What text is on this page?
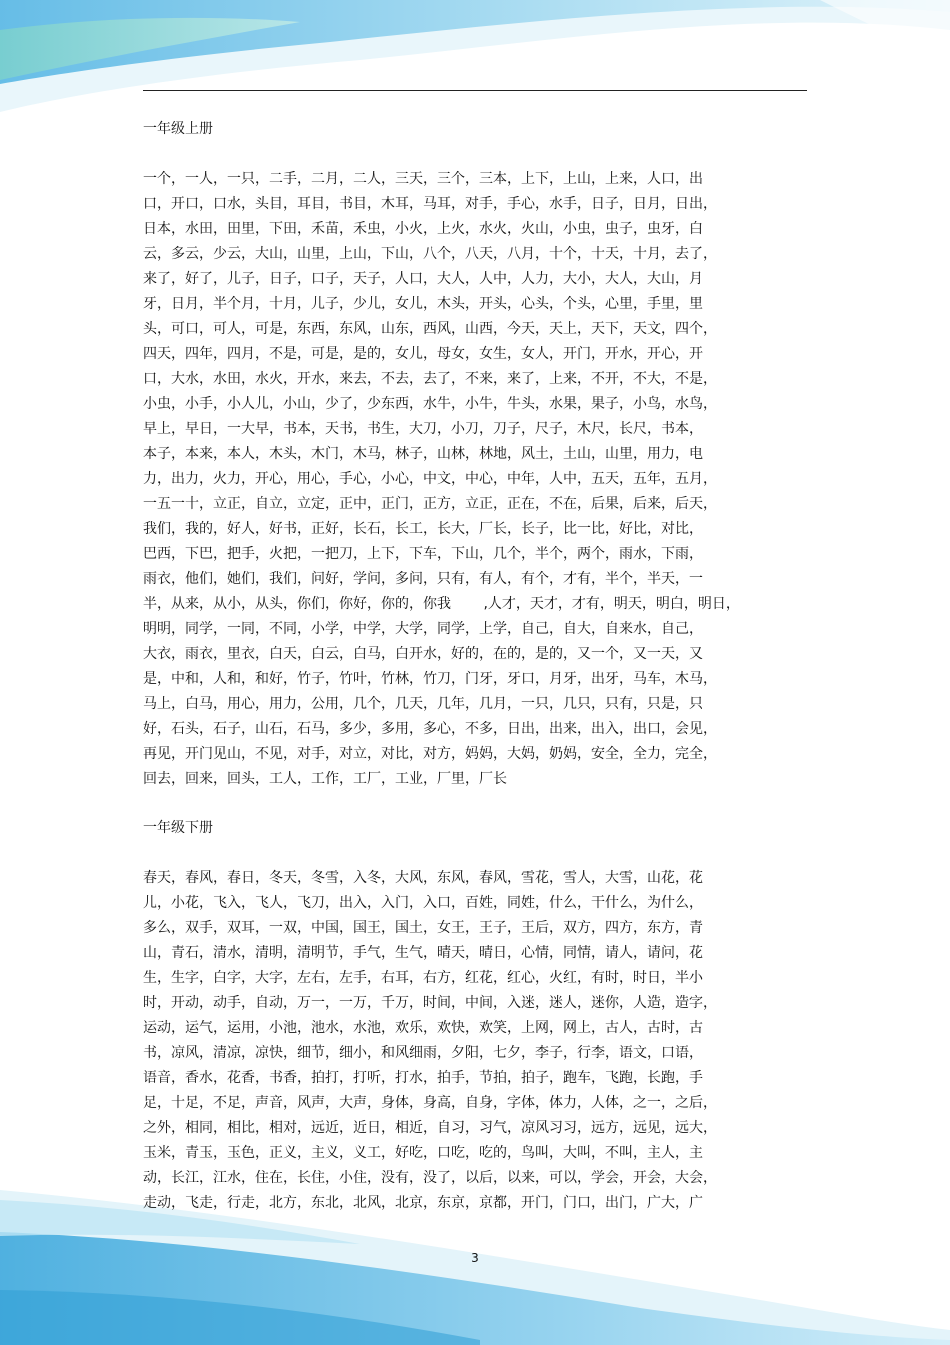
一年级上册
一个，一人，一只，二手，二月，二人，三天，三个，三本，上下，上山，上来，人口，出
口，开口，口水，头目，耳目，书目，木耳，马耳，对手，手心，水手，日子，日月，日出，
日本，水田，田里，下田，禾苗，禾虫，小火，上火，水火，火山，小虫，虫子，虫牙，白
云，多云，少云，大山，山里，上山，下山，八个，八天，八月，十个，十天，十月，去了，
来了，好了，儿子，日子，口子，天子，人口，大人，人中，人力，大小，大人，大山，月
牙，日月，半个月，十月，儿子，少儿，女儿，木头，开头，心头，个头，心里，手里，里
头，可口，可人，可是，东西，东风，山东，西风，山西，今天，天上，天下，天文，四个，
四天，四年，四月，不是，可是，是的，女儿，母女，女生，女人，开门，开水，开心，开
口，大水，水田，水火，开水，来去，不去，去了，不来，来了，上来，不开，不大，不是，
小虫，小手，小人儿，小山，少了，少东西，水牛，小牛，牛头，水果，果子，小鸟，水鸟，
早上，早日，一大早，书本，天书，书生，大刀，小刀，刀子，尺子，木尺，长尺，书本，
本子，本来，本人，木头，木门，木马，林子，山林，林地，风土，土山，山里，用力，电
力，出力，火力，开心，用心，手心，小心，中文，中心，中年，人中，五天，五年，五月，
一五一十，立正，自立，立定，正中，正门，正方，立正，正在，不在，后果，后来，后天，
我们，我的，好人，好书，正好，长石，长工，长大，厂长，长子，比一比，好比，对比，
巴西，下巴，把手，火把，一把刀，上下，下车，下山，几个，半个，两个，雨水，下雨，
雨衣，他们，她们，我们，问好，学问，多问，只有，有人，有个，才有，半个，半天，一
半，从来，从小，从头，你们，你好，你的，你我　　 ,人才，天才，才有，明天，明白，明日，
明明，同学，一同，不同，小学，中学，大学，同学，上学，自己，自大，自来水，自己，
大衣，雨衣，里衣，白天，白云，白马，白开水，好的，在的，是的，又一个，又一天，又
是，中和，人和，和好，竹子，竹叶，竹林，竹刀，门牙，牙口，月牙，出牙，马车，木马，
马上，白马，用心，用力，公用，几个，几天，几年，几月，一只，几只，只有，只是，只
好，石头，石子，山石，石马，多少，多用，多心，不多，日出，出来，出入，出口，会见，
再见，开门见山，不见，对手，对立，对比，对方，妈妈，大妈，奶妈，安全，全力，完全，
回去，回来，回头，工人，工作，工厂，工业，厂里，厂长
一年级下册
春天，春风，春日，冬天，冬雪，入冬，大风，东风，春风，雪花，雪人，大雪，山花，花
儿，小花，飞入，飞人，飞刀，出入，入门，入口，百姓，同姓，什么，干什么，为什么，
多么，双手，双耳，一双，中国，国王，国土，女王，王子，王后，双方，四方，东方，青
山，青石，清水，清明，清明节，手气，生气，晴天，晴日，心情，同情，请人，请问，花
生，生字，白字，大字，左右，左手，右耳，右方，红花，红心，火红，有时，时日，半小
时，开动，动手，自动，万一，一万，千万，时间，中间，入迷，迷人，迷你，人造，造字，
运动，运气，运用，小池，池水，水池，欢乐，欢快，欢笑，上网，网上，古人，古时，古
书，凉风，清凉，凉快，细节，细小，和风细雨，夕阳，七夕，李子，行李，语文，口语，
语音，香水，花香，书香，拍打，打听，打水，拍手，节拍，拍子，跑车，飞跑，长跑，手
足，十足，不足，声音，风声，大声，身体，身高，自身，字体，体力，人体，之一，之后，
之外，相同，相比，相对，远近，近日，相近，自习，习气，凉风习习，远方，远见，远大，
玉米，青玉，玉色，正义，主义，义工，好吃，口吃，吃的，鸟叫，大叫，不叫，主人，主
动，长江，江水，住在，长住，小住，没有，没了，以后，以来，可以，学会，开会，大会，
走动，飞走，行走，北方，东北，北风，北京，东京，京都，开门，门口，出门，广大，广
3
